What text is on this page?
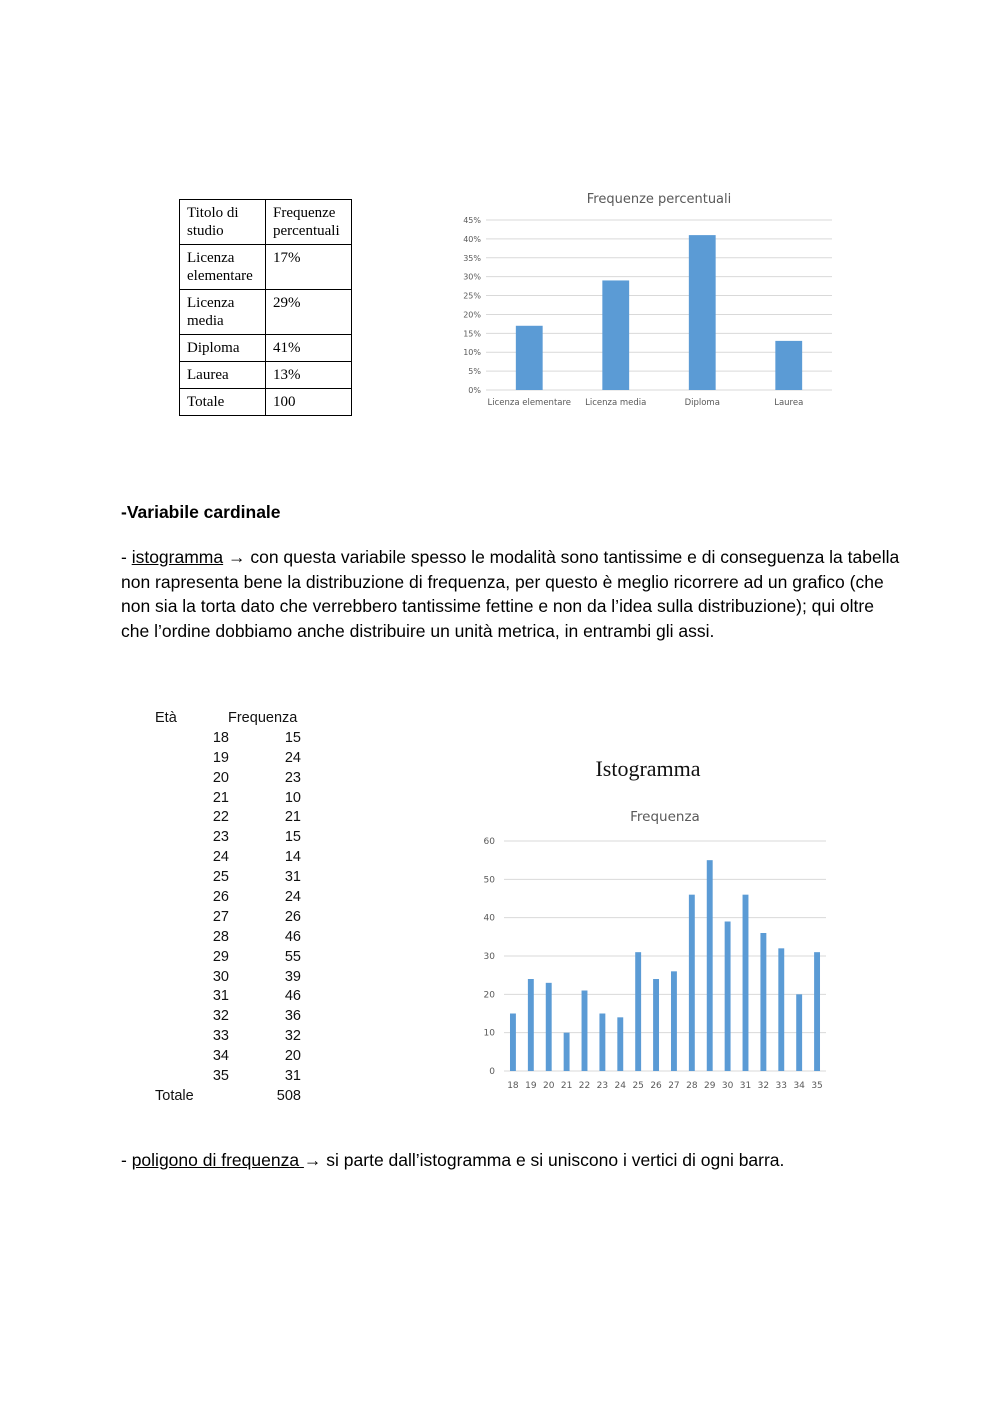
Titolo di studio	Frequenze percentuali
Licenza elementare	17%
Licenza media	29%
Diploma	41%
Laurea	13%
Totale	100
Frequenze percentuali
0%
5%
10%
15%
20%
25%
30%
35%
40%
45%
Licenza elementare Licenza media	Diploma	Laurea
-Variabile cardinale
- istogramma → con questa variabile spesso le modalità sono tantissime e di conseguenza la tabella non rapresenta bene la distribuzione di frequenza, per questo è meglio ricorrere ad un grafico (che non sia la torta dato che verrebbero tantissime fettine e non da l’idea sulla distribuzione); qui oltre che l’ordine dobbiamo anche distribuire un unità metrica, in entrambi gli assi.
Età	Frequenza
18	15
19	24
20	23
21	10
22	21
23	15
24	14
25	31
26	24
27	26
28	46
29	55
30	39
31	46
32	36
33	32
34	20
35	31
Totale	508
Istogramma
Frequenza
0
10
20
30
40
50
60
18 19 20 21 22 23 24 25 26 27 28 29 30 31 32 33 34 35
- poligono di frequenza → si parte dall’istogramma e si uniscono i vertici di ogni barra.
